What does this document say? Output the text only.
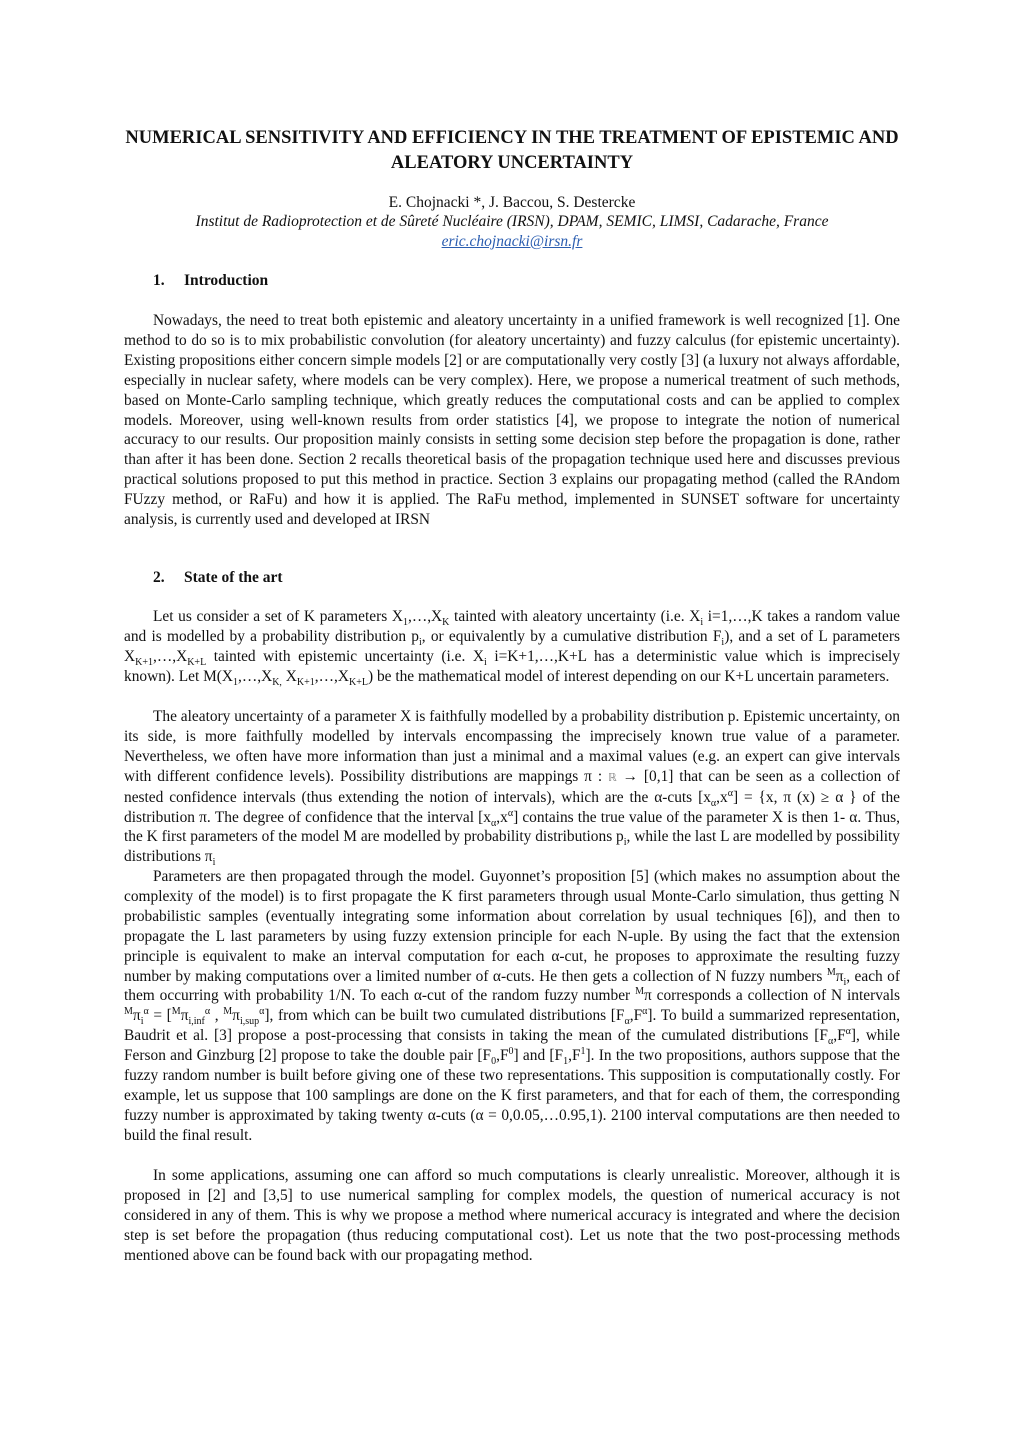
NUMERICAL SENSITIVITY AND EFFICIENCY IN THE TREATMENT OF EPISTEMIC AND ALEATORY UNCERTAINTY

E. Chojnacki *, J. Baccou, S. Destercke

Institut de Radioprotection et de Sûreté Nucléaire (IRSN), DPAM, SEMIC, LIMSI, Cadarache, France

eric.chojnacki@irsn.fr

1. Introduction

Nowadays, the need to treat both epistemic and aleatory uncertainty in a unified framework is well recognized [1]. One method to do so is to mix probabilistic convolution (for aleatory uncertainty) and fuzzy calculus (for epistemic uncertainty). Existing propositions either concern simple models [2] or are computationally very costly [3] (a luxury not always affordable, especially in nuclear safety, where models can be very complex). Here, we propose a numerical treatment of such methods, based on Monte-Carlo sampling technique, which greatly reduces the computational costs and can be applied to complex models. Moreover, using well-known results from order statistics [4], we propose to integrate the notion of numerical accuracy to our results. Our proposition mainly consists in setting some decision step before the propagation is done, rather than after it has been done. Section 2 recalls theoretical basis of the propagation technique used here and discusses previous practical solutions proposed to put this method in practice. Section 3 explains our propagating method (called the RAndom FUzzy method, or RaFu) and how it is applied. The RaFu method, implemented in SUNSET software for uncertainty analysis, is currently used and developed at IRSN

2. State of the art

Let us consider a set of K parameters $X_1,\dots,X_K$ tainted with aleatory uncertainty (i.e. $X_i$ i=1,…,K takes a random value and is modelled by a probability distribution $p_i$, or equivalently by a cumulative distribution $F_i$), and a set of L parameters $X_{K+1},\dots,X_{K+L}$ tainted with epistemic uncertainty (i.e. $X_i$ i=K+1,…,K+L has a deterministic value which is imprecisely known). Let $M(X_1,\dots,X_{K,}$ $X_{K+1},\dots,X_{K+L}$) be the mathematical model of interest depending on our K+L uncertain parameters.

The aleatory uncertainty of a parameter X is faithfully modelled by a probability distribution p. Epistemic uncertainty, on its side, is more faithfully modelled by intervals encompassing the imprecisely known true value of a parameter. Nevertheless, we often have more information than just a minimal and a maximal values (e.g. an expert can give intervals with different confidence levels). Possibility distributions are mappings π : ℝ → [0,1] that can be seen as a collection of nested confidence intervals (thus extending the notion of intervals), which are the α-cuts $[x_\alpha,x^\alpha] = \{x$, π (x) ≥ α } of the distribution π. The degree of confidence that the interval $[x_\alpha,x^\alpha]$ contains the true value of the parameter X is then 1- α. Thus, the K first parameters of the model M are modelled by probability distributions $p_i$, while the last L are modelled by possibility distributions $\pi_i$

Parameters are then propagated through the model. Guyonnet’s proposition [5] (which makes no assumption about the complexity of the model) is to first propagate the K first parameters through usual Monte-Carlo simulation, thus getting N probabilistic samples (eventually integrating some information about correlation by usual techniques [6]), and then to propagate the L last parameters by using fuzzy extension principle for each N-uple. By using the fact that the extension principle is equivalent to make an interval computation for each α-cut, he proposes to approximate the resulting fuzzy number by making computations over a limited number of α-cuts. He then gets a collection of N fuzzy numbers $^M\pi_i$, each of them occurring with probability 1/N. To each α-cut of the random fuzzy number $^M$π corresponds a collection of N intervals $^M\pi_i^\alpha = [^M\pi_{i,inf}^\alpha$ , $^M\pi_{i,sup}^\alpha$], from which can be built two cumulated distributions $[F_\alpha,F^\alpha]$. To build a summarized representation, Baudrit et al. [3] propose a post-processing that consists in taking the mean of the cumulated distributions $[F_\alpha,F^\alpha]$, while Ferson and Ginzburg [2] propose to take the double pair $[F_0,F^0]$ and $[F_1,F^1]$. In the two propositions, authors suppose that the fuzzy random number is built before giving one of these two representations. This supposition is computationally costly. For example, let us suppose that 100 samplings are done on the K first parameters, and that for each of them, the corresponding fuzzy number is approximated by taking twenty α-cuts (α = 0,0.05,…0.95,1). 2100 interval computations are then needed to build the final result.

In some applications, assuming one can afford so much computations is clearly unrealistic. Moreover, although it is proposed in [2] and [3,5] to use numerical sampling for complex models, the question of numerical accuracy is not considered in any of them. This is why we propose a method where numerical accuracy is integrated and where the decision step is set before the propagation (thus reducing computational cost). Let us note that the two post-processing methods mentioned above can be found back with our propagating method.
